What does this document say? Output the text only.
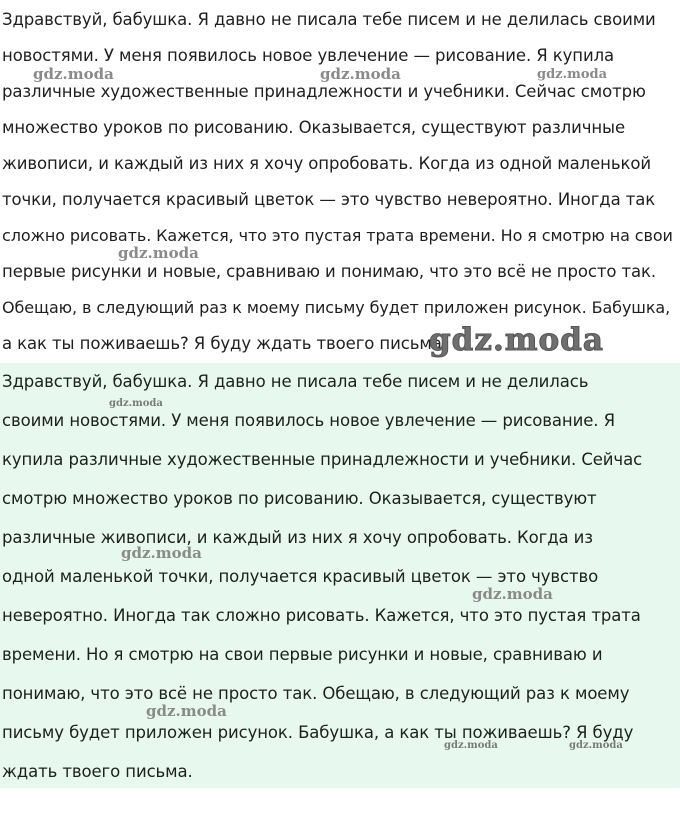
Здравствуй, бабушка. Я давно не писала тебе писем и не делилась своими
новостями. У меня появилось новое увлечение — рисование. Я купила
различные художественные принадлежности и учебники. Сейчас смотрю
множество уроков по рисованию. Оказывается, существуют различные
живописи, и каждый из них я хочу опробовать. Когда из одной маленькой
точки, получается красивый цветок — это чувство невероятно. Иногда так
сложно рисовать. Кажется, что это пустая трата времени. Но я смотрю на свои
первые рисунки и новые, сравниваю и понимаю, что это всё не просто так.
Обещаю, в следующий раз к моему письму будет приложен рисунок. Бабушка,
а как ты поживаешь? Я буду ждать твоего письма.
Здравствуй, бабушка. Я давно не писала тебе писем и не делилась
своими новостями. У меня появилось новое увлечение — рисование. Я
купила различные художественные принадлежности и учебники. Сейчас
смотрю множество уроков по рисованию. Оказывается, существуют
различные живописи, и каждый из них я хочу опробовать. Когда из
одной маленькой точки, получается красивый цветок — это чувство
невероятно. Иногда так сложно рисовать. Кажется, что это пустая трата
времени. Но я смотрю на свои первые рисунки и новые, сравниваю и
понимаю, что это всё не просто так. Обещаю, в следующий раз к моему
письму будет приложен рисунок. Бабушка, а как ты поживаешь? Я буду
ждать твоего письма.
gdz.moda	gdz.moda	gdz.moda
gdz.moda
gdz.moda
gdz.moda
gdz.moda
gdz.moda
gdz.moda
gdz.moda	gdz.moda
